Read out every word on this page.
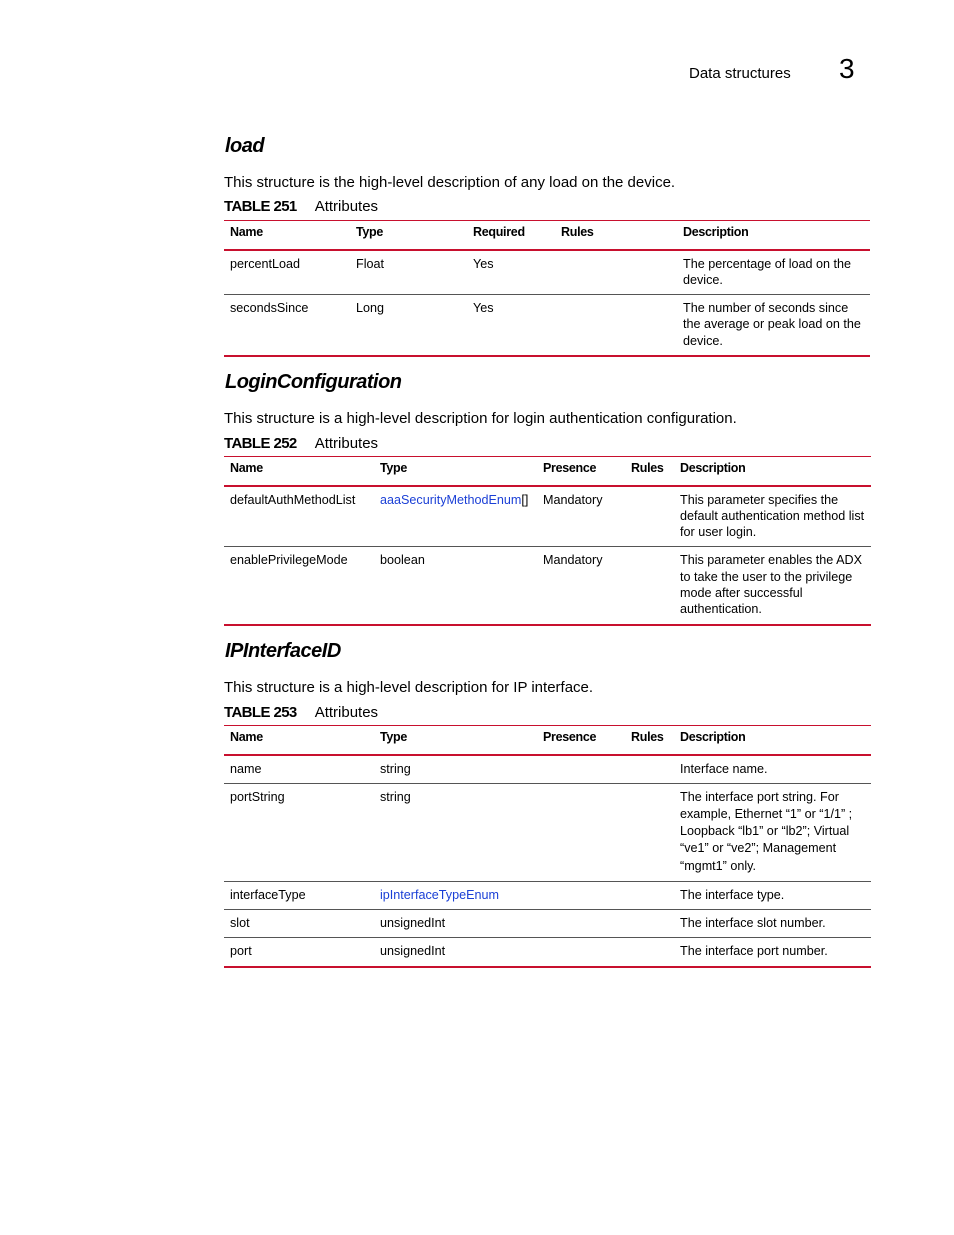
Data structures 3
load
This structure is the high-level description of any load on the device.
TABLE 251 Attributes
Name	Type	Required	Rules	Description
percentLoad	Float	Yes		The percentage of load on the device.
secondsSince	Long	Yes		The number of seconds since the average or peak load on the device.
LoginConfiguration
This structure is a high-level description for login authentication configuration.
TABLE 252 Attributes
Name	Type	Presence	Rules	Description
defaultAuthMethodList	aaaSecurityMethodEnum[]	Mandatory		This parameter specifies the default authentication method list for user login.
enablePrivilegeMode	boolean	Mandatory		This parameter enables the ADX to take the user to the privilege mode after successful authentication.
IPInterfaceID
This structure is a high-level description for IP interface.
TABLE 253 Attributes
Name	Type	Presence	Rules	Description
name	string			Interface name.
portString	string			The interface port string. For example, Ethernet “1” or “1/1” ; Loopback “lb1” or “lb2”; Virtual “ve1” or “ve2”; Management “mgmt1” only.
interfaceType	ipInterfaceTypeEnum			The interface type.
slot	unsignedInt			The interface slot number.
port	unsignedInt			The interface port number.
